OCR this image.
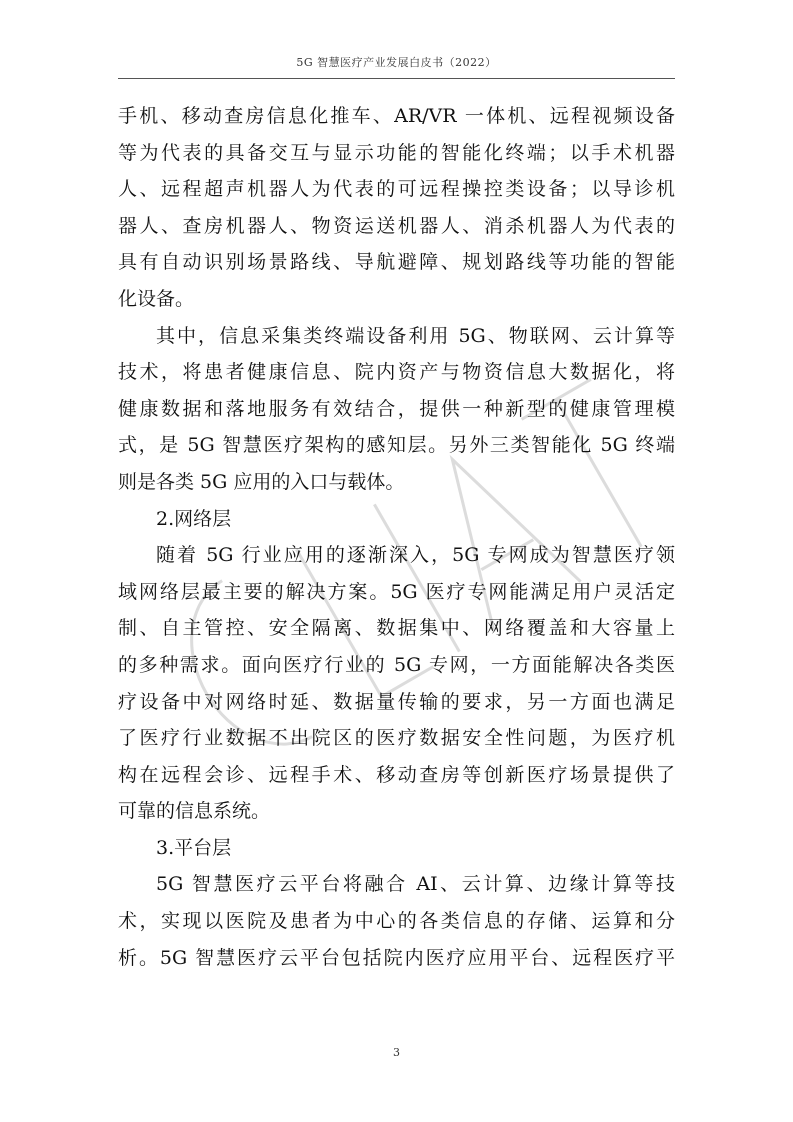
5G 智慧医疗产业发展白皮书（2022）
手机、移动查房信息化推车、AR/VR 一体机、远程视频设备
等为代表的具备交互与显示功能的智能化终端；以手术机器
人、远程超声机器人为代表的可远程操控类设备；以导诊机
器人、查房机器人、物资运送机器人、消杀机器人为代表的
具有自动识别场景路线、导航避障、规划路线等功能的智能
化设备。
其中，信息采集类终端设备利用 5G、物联网、云计算等
技术，将患者健康信息、院内资产与物资信息大数据化，将
健康数据和落地服务有效结合，提供一种新型的健康管理模
式，是 5G 智慧医疗架构的感知层。另外三类智能化 5G 终端
则是各类 5G 应用的入口与载体。
2.网络层
随着 5G 行业应用的逐渐深入，5G 专网成为智慧医疗领
域网络层最主要的解决方案。5G 医疗专网能满足用户灵活定
制、自主管控、安全隔离、数据集中、网络覆盖和大容量上
的多种需求。面向医疗行业的 5G 专网，一方面能解决各类医
疗设备中对网络时延、数据量传输的要求，另一方面也满足
了医疗行业数据不出院区的医疗数据安全性问题，为医疗机
构在远程会诊、远程手术、移动查房等创新医疗场景提供了
可靠的信息系统。
3.平台层
5G 智慧医疗云平台将融合 AI、云计算、边缘计算等技
术，实现以医院及患者为中心的各类信息的存储、运算和分
析。5G 智慧医疗云平台包括院内医疗应用平台、远程医疗平
3
